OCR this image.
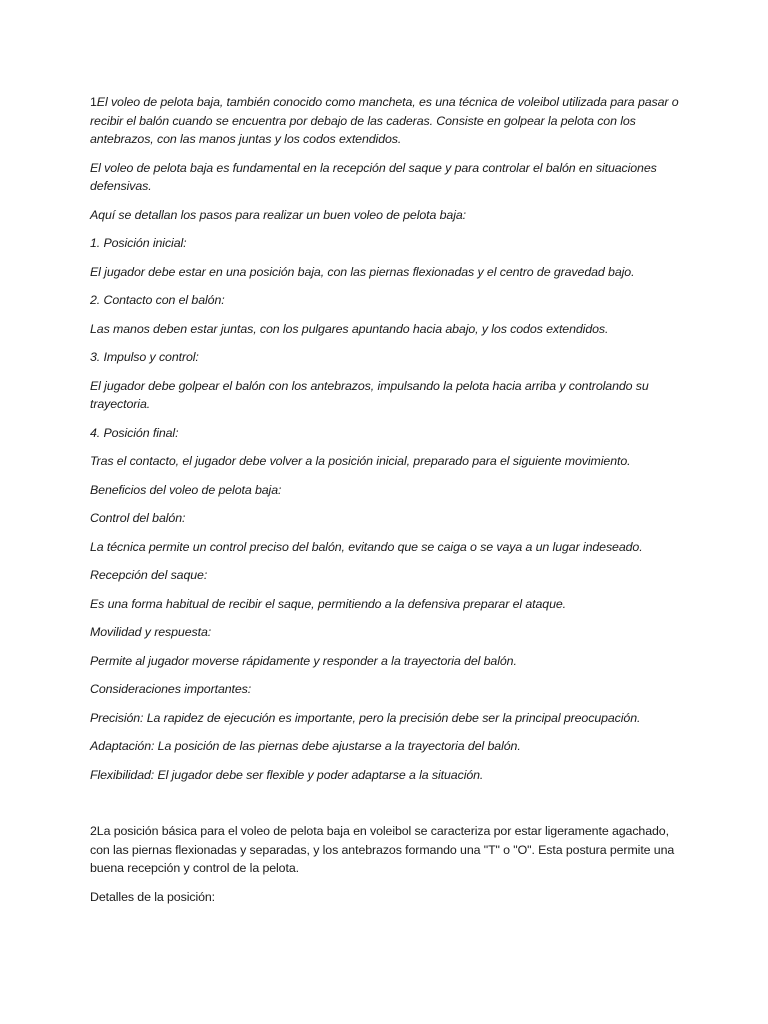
1El voleo de pelota baja, también conocido como mancheta, es una técnica de voleibol utilizada para pasar o recibir el balón cuando se encuentra por debajo de las caderas. Consiste en golpear la pelota con los antebrazos, con las manos juntas y los codos extendidos.

El voleo de pelota baja es fundamental en la recepción del saque y para controlar el balón en situaciones defensivas.

Aquí se detallan los pasos para realizar un buen voleo de pelota baja:

1. Posición inicial:

El jugador debe estar en una posición baja, con las piernas flexionadas y el centro de gravedad bajo.

2. Contacto con el balón:

Las manos deben estar juntas, con los pulgares apuntando hacia abajo, y los codos extendidos.

3. Impulso y control:

El jugador debe golpear el balón con los antebrazos, impulsando la pelota hacia arriba y controlando su trayectoria.

4. Posición final:

Tras el contacto, el jugador debe volver a la posición inicial, preparado para el siguiente movimiento.

Beneficios del voleo de pelota baja:

Control del balón:

La técnica permite un control preciso del balón, evitando que se caiga o se vaya a un lugar indeseado.

Recepción del saque:

Es una forma habitual de recibir el saque, permitiendo a la defensiva preparar el ataque.

Movilidad y respuesta:

Permite al jugador moverse rápidamente y responder a la trayectoria del balón.

Consideraciones importantes:

Precisión: La rapidez de ejecución es importante, pero la precisión debe ser la principal preocupación.

Adaptación: La posición de las piernas debe ajustarse a la trayectoria del balón.

Flexibilidad: El jugador debe ser flexible y poder adaptarse a la situación.

2La posición básica para el voleo de pelota baja en voleibol se caracteriza por estar ligeramente agachado, con las piernas flexionadas y separadas, y los antebrazos formando una "T" o "O". Esta postura permite una buena recepción y control de la pelota.

Detalles de la posición:
